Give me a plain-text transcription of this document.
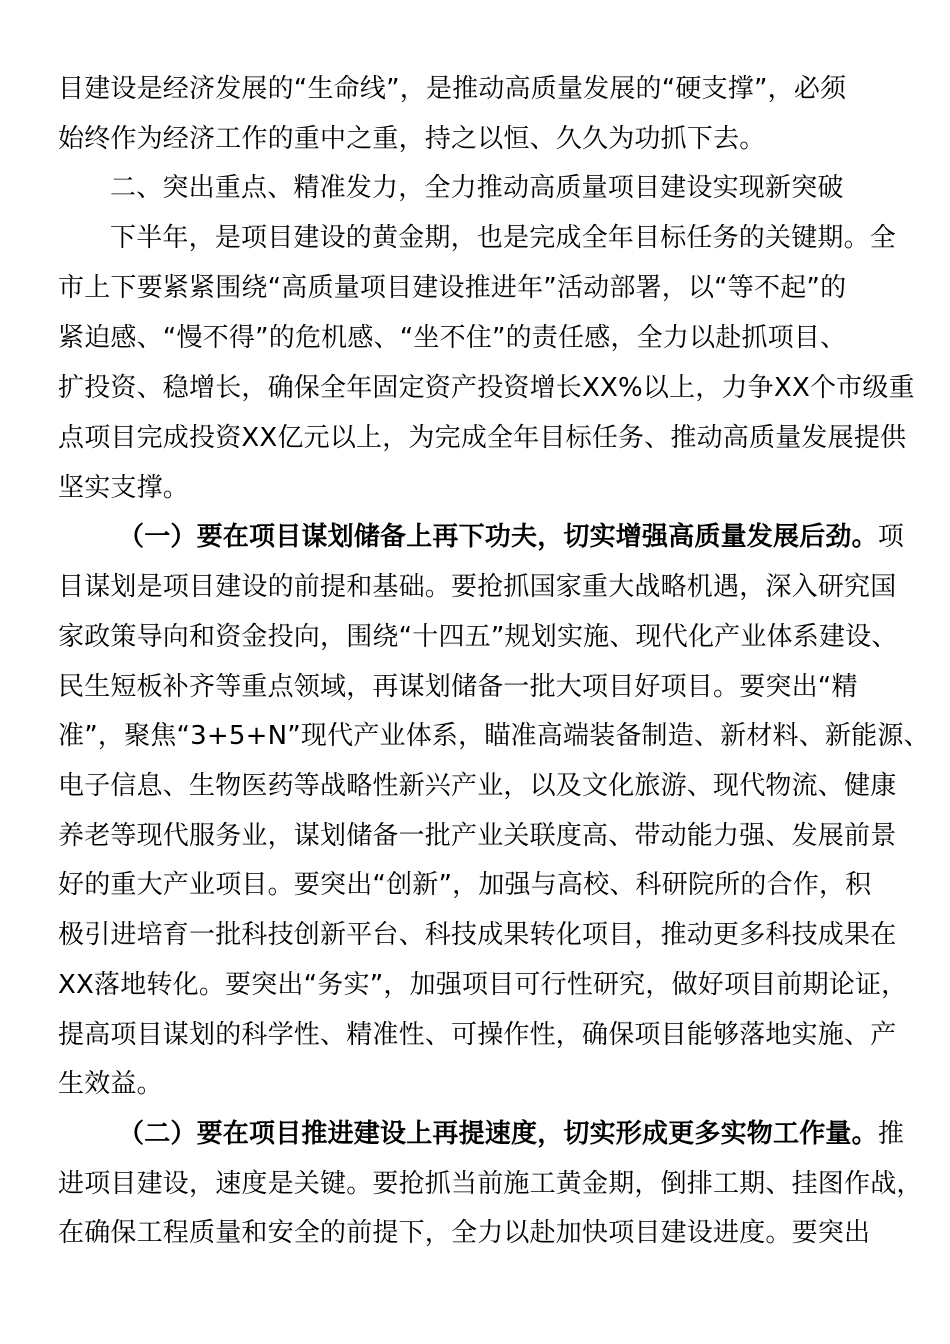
目建设是经济发展的“生命线”，是推动高质量发展的“硬支撑”，必须
始终作为经济工作的重中之重，持之以恒、久久为功抓下去。
二、突出重点、精准发力，全力推动高质量项目建设实现新突破
下半年，是项目建设的黄金期，也是完成全年目标任务的关键期。全
市上下要紧紧围绕“高质量项目建设推进年”活动部署，以“等不起”的
紧迫感、“慢不得”的危机感、“坐不住”的责任感，全力以赴抓项目、
扩投资、稳增长，确保全年固定资产投资增长XX%以上，力争XX个市级重
点项目完成投资XX亿元以上，为完成全年目标任务、推动高质量发展提供
坚实支撑。
（一）要在项目谋划储备上再下功夫，切实增强高质量发展后劲。项
目谋划是项目建设的前提和基础。要抢抓国家重大战略机遇，深入研究国
家政策导向和资金投向，围绕“十四五”规划实施、现代化产业体系建设、
民生短板补齐等重点领域，再谋划储备一批大项目好项目。要突出“精
准”，聚焦“3+5+N”现代产业体系，瞄准高端装备制造、新材料、新能源、
电子信息、生物医药等战略性新兴产业，以及文化旅游、现代物流、健康
养老等现代服务业，谋划储备一批产业关联度高、带动能力强、发展前景
好的重大产业项目。要突出“创新”，加强与高校、科研院所的合作，积
极引进培育一批科技创新平台、科技成果转化项目，推动更多科技成果在
XX落地转化。要突出“务实”，加强项目可行性研究，做好项目前期论证，
提高项目谋划的科学性、精准性、可操作性，确保项目能够落地实施、产
生效益。
（二）要在项目推进建设上再提速度，切实形成更多实物工作量。推
进项目建设，速度是关键。要抢抓当前施工黄金期，倒排工期、挂图作战，
在确保工程质量和安全的前提下，全力以赴加快项目建设进度。要突出
